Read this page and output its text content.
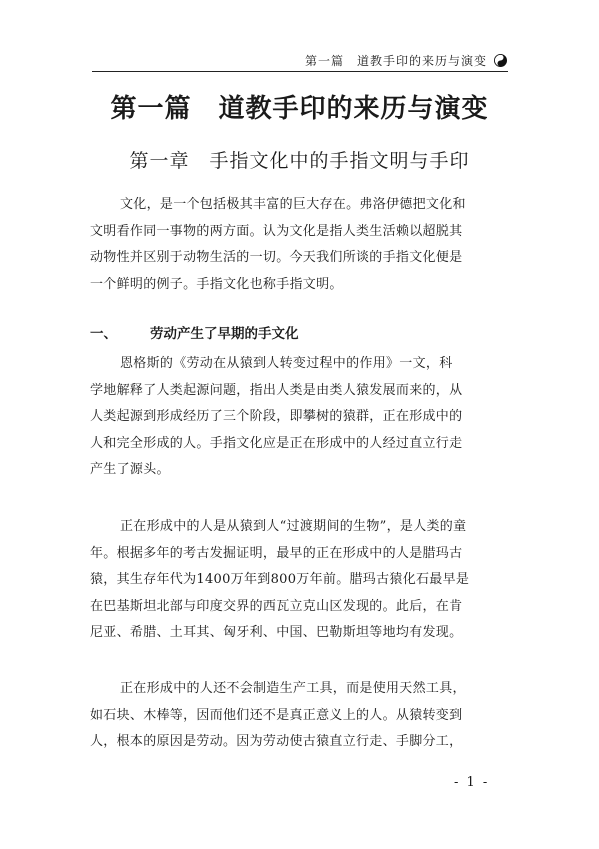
第一篇　道教手印的来历与演变
第一篇　道教手印的来历与演变
第一章　手指文化中的手指文明与手印
文化，是一个包括极其丰富的巨大存在。弗洛伊德把文化和
文明看作同一事物的两方面。认为文化是指人类生活赖以超脱其
动物性并区别于动物生活的一切。今天我们所谈的手指文化便是
一个鲜明的例子。手指文化也称手指文明。
一、 劳动产生了早期的手文化
恩格斯的《劳动在从猿到人转变过程中的作用》一文，科
学地解释了人类起源问题，指出人类是由类人猿发展而来的，从
人类起源到形成经历了三个阶段，即攀树的猿群，正在形成中的
人和完全形成的人。手指文化应是正在形成中的人经过直立行走
产生了源头。
正在形成中的人是从猿到人“过渡期间的生物”，是人类的童
年。根据多年的考古发掘证明，最早的正在形成中的人是腊玛古
猿，其生存年代为1400万年到800万年前。腊玛古猿化石最早是
在巴基斯坦北部与印度交界的西瓦立克山区发现的。此后，在肯
尼亚、希腊、土耳其、匈牙利、中国、巴勒斯坦等地均有发现。
正在形成中的人还不会制造生产工具，而是使用天然工具，
如石块、木棒等，因而他们还不是真正意义上的人。从猿转变到
人，根本的原因是劳动。因为劳动使古猿直立行走、手脚分工，
- 1 -
